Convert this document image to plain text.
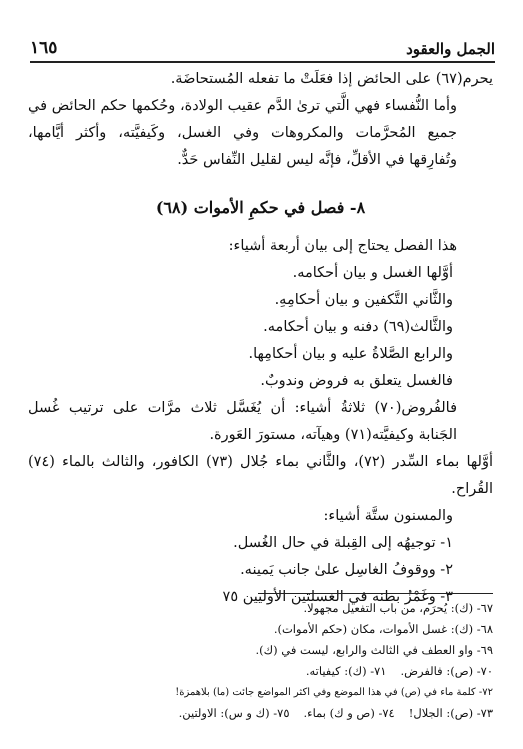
الجمل والعقود
١٦٥

يحرم(٦٧) على الحائض إذا فعَلَتْ ما تفعله المُستحاضَة.

وأما النُّفساء فهي الَّتي ترىٰ الدَّم عقيب الولادة، وحُكمها حكم الحائض في جميع المُحرَّمات والمكروهات وفي الغسل، وكَيفيَّته، وأكثر أيَّامها، وتُفارِقها في الأقلِّ، فإنَّه ليس لقليل النِّفاس حَدٌّ.

٨- فصل في حكمِ الأموات (٦٨)

هذا الفصل يحتاج إلى بيان أربعة أشياء:

أوَّلها الغسل و بيان أحكامه.

والثَّاني التَّكفين و بيان أحكامِهِ.

والثَّالث(٦٩) دفنه و بيان أحكامه.

والرابع الصَّلاةُ عليه و بيان أحكامِها.

فالغسل يتعلق به فروض وندوبٌ.

فالفُروض(٧٠) ثلاثةُ أشياء: أن يُغَسَّل ثلاث مرَّات على ترتيب غُسل الجَنابة وكيفيَّته(٧١) وهيآته، مستورَ العَورة.

أوَّلها بماء السِّدر (٧٢)، والثَّاني بماء جُلال (٧٣) الكافور، والثالث بالماء (٧٤) القُراح.

والمسنون ستَّة أشياء:

١- توجيهُه إلى القِبلة في حال الغُسل.

٢- ووقوفُ الغاسِل علىٰ جانب يَمينه.

٣- وغَمْزُ بطنه في الغسلتين الأوليين ٧٥

٦٧- (ك): يُحرَم، من باب التفعيل مجهولا.

٦٨- (ك): غسل الأموات، مكان (حكم الأموات).

٦٩- واو العطف في الثالث والرابع، ليست في (ك).

٧٠- (ص): فالفرض.٧١- (ك): كيفياته.

٧٢- كلمة ماء في (ص) في هذا الموضع وفي اكثر المواضع جائت (ما) بلاهمزة!

٧٣- (ص): الجلال!٧٤- (ص و ك) بماء.٧٥- (ك و س): الاولتين.
